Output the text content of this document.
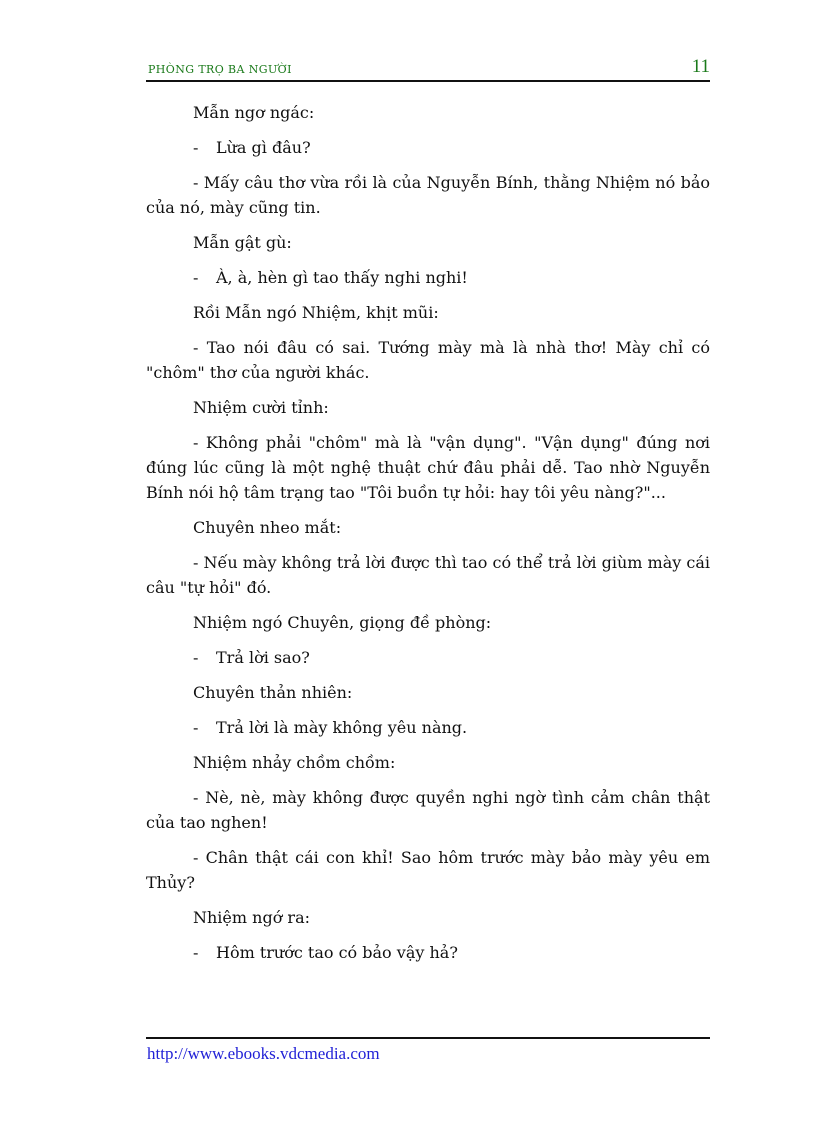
PHÒNG TRỌ BA NGƯỜI	11

Mẫn ngơ ngác:

- Lừa gì đâu?

- Mấy câu thơ vừa rồi là của Nguyễn Bính, thằng Nhiệm nó bảo của nó, mày cũng tin.

Mẫn gật gù:

- À, à, hèn gì tao thấy nghi nghi!

Rồi Mẫn ngó Nhiệm, khịt mũi:

- Tao nói đâu có sai. Tướng mày mà là nhà thơ! Mày chỉ có "chôm" thơ của người khác.

Nhiệm cười tỉnh:

- Không phải "chôm" mà là "vận dụng". "Vận dụng" đúng nơi đúng lúc cũng là một nghệ thuật chứ đâu phải dễ. Tao nhờ Nguyễn Bính nói hộ tâm trạng tao "Tôi buồn tự hỏi: hay tôi yêu nàng?"...

Chuyên nheo mắt:

- Nếu mày không trả lời được thì tao có thể trả lời giùm mày cái câu "tự hỏi" đó.

Nhiệm ngó Chuyên, giọng đề phòng:

- Trả lời sao?

Chuyên thản nhiên:

- Trả lời là mày không yêu nàng.

Nhiệm nhảy chồm chồm:

- Nè, nè, mày không được quyền nghi ngờ tình cảm chân thật của tao nghen!

- Chân thật cái con khỉ! Sao hôm trước mày bảo mày yêu em Thủy?

Nhiệm ngớ ra:

- Hôm trước tao có bảo vậy hả?

http://www.ebooks.vdcmedia.com
